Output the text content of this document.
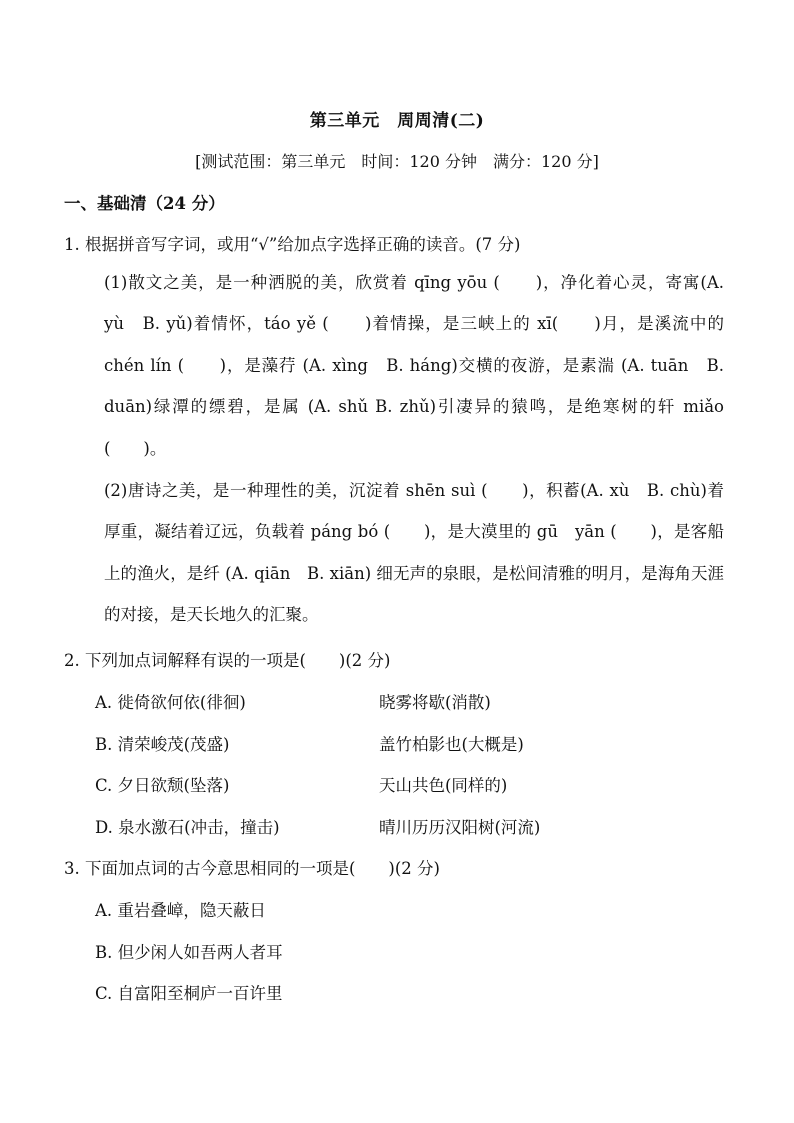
第三单元　周周清(二)
[测试范围：第三单元　时间：120 分钟　满分：120 分]
一、基础清（24 分）
1. 根据拼音写字词，或用“√”给加点字选择正确的读音。(7 分)
(1)散文之美，是一种洒脱的美，欣赏着 qīng yōu (　　)，净化着心灵，寄寓(A.　　yù　B. yǔ)着情怀，táo yě (　　)着情操，是三峡上的 xī(　　)月，是溪流中的 chén lín (　　)，是藻荇 (A. xìng　B. háng)交横的夜游，是素湍 (A. tuān　B. duān)绿潭的缥碧，是属 (A. shǔ B. zhǔ)引凄异的猿鸣，是绝寒树的轩 miǎo (　　)。
(2)唐诗之美，是一种理性的美，沉淀着 shēn suì (　　)，积蓄(A. xù　B. chù)着厚重，凝结着辽远，负载着 páng bó (　　)，是大漠里的 gū　yān (　　)，是客船上的渔火，是纤 (A. qiān　B. xiān) 细无声的泉眼，是松间清雅的明月，是海角天涯的对接，是天长地久的汇聚。
2. 下列加点词解释有误的一项是(　　)(2 分)
A. 徙倚欲何依(徘徊)	晓雾将歇(消散)
B. 清荣峻茂(茂盛)	盖竹柏影也(大概是)
C. 夕日欲颓(坠落)	天山共色(同样的)
D. 泉水激石(冲击，撞击)	晴川历历汉阳树(河流)
3. 下面加点词的古今意思相同的一项是(　　)(2 分)
A. 重岩叠嶂，隐天蔽日
B. 但少闲人如吾两人者耳
C. 自富阳至桐庐一百许里
